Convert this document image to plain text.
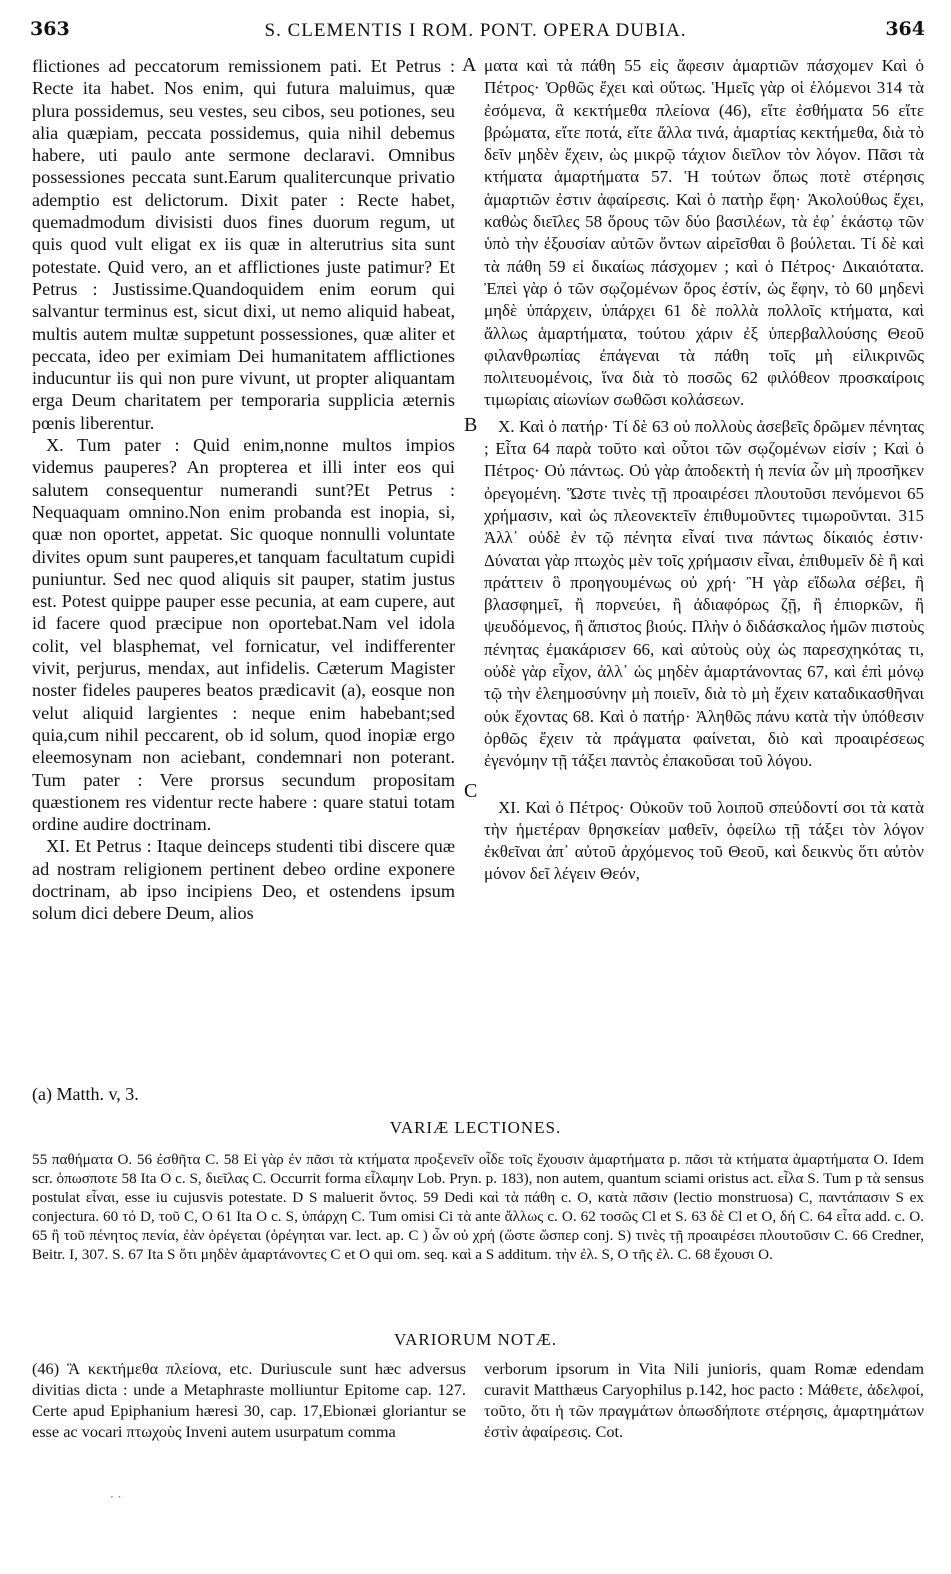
363	S. CLEMENTIS I ROM. PONT. OPERA DUBIA.	364

flictiones ad peccatorum remissionem pati. Et Petrus : Recte ita habet. Nos enim, qui futura maluimus, quæ plura possidemus, seu vestes, seu cibos, seu potiones, seu alia quæpiam, peccata possidemus, quia nihil debemus habere, uti paulo ante sermone declaravi. Omnibus possessiones peccata sunt.Earum qualitercunque privatio ademptio est delictorum. Dixit pater : Recte habet, quemadmodum divisisti duos fines duorum regum, ut quis quod vult eligat ex iis quæ in alterutrius sita sunt potestate. Quid vero, an et afflictiones juste patimur? Et Petrus : Justissime.Quandoquidem enim eorum qui salvantur terminus est, sicut dixi, ut nemo aliquid habeat, multis autem multæ suppetunt possessiones, quæ aliter et peccata, ideo per eximiam Dei humanitatem afflictiones inducuntur iis qui non pure vivunt, ut propter aliquantam erga Deum charitatem per temporaria supplicia æternis pœnis liberentur.

X. Tum pater : Quid enim,nonne multos impios videmus pauperes? An propterea et illi inter eos qui salutem consequentur numerandi sunt?Et Petrus : Nequaquam omnino.Non enim probanda est inopia, si, quæ non oportet, appetat. Sic quoque nonnulli voluntate divites opum sunt pauperes,et tanquam facultatum cupidi puniuntur. Sed nec quod aliquis sit pauper, statim justus est. Potest quippe pauper esse pecunia, at eam cupere, aut id facere quod præcipue non oportebat.Nam vel idola colit, vel blasphemat, vel fornicatur, vel indifferenter vivit, perjurus, mendax, aut infidelis. Cæterum Magister noster fideles pauperes beatos prædicavit (a), eosque non velut aliquid largientes : neque enim habebant;sed quia,cum nihil peccarent, ob id solum, quod inopiæ ergo eleemosynam non aciebant, condemnari non poterant. Tum pater : Vere prorsus secundum propositam quæstionem res videntur recte habere : quare statui totam ordine audire doctrinam.

XI. Et Petrus : Itaque deinceps studenti tibi discere quæ ad nostram religionem pertinent debeo ordine exponere doctrinam, ab ipso incipiens Deo, et ostendens ipsum solum dici debere Deum, alios

A
B
C

ματα καὶ τὰ πάθη 55 εἰς ἄφεσιν ἁμαρτιῶν πάσχομεν Καὶ ὁ Πέτρος· Ὀρθῶς ἔχει καὶ οὕτως. Ἡμεῖς γὰρ οἱ ἑλόμενοι 314 τὰ ἐσόμενα, ἃ κεκτήμεθα πλείονα (46), εἴτε ἐσθήματα 56 εἴτε βρώματα, εἴτε ποτά, εἴτε ἄλλα τινά, ἁμαρτίας κεκτήμεθα, διὰ τὸ δεῖν μηδὲν ἔχειν, ὡς μικρῷ τάχιον διεῖλον τὸν λόγον. Πᾶσι τὰ κτήματα ἁμαρτήματα 57. Ἡ τούτων ὅπως ποτὲ στέρησις ἁμαρτιῶν ἐστιν ἀφαίρεσις. Καὶ ὁ πατὴρ ἔφη· Ἀκολούθως ἔχει, καθὼς διεῖλες 58 ὅρους τῶν δύο βασιλέων, τὰ ἐφ᾽ ἑκάστῳ τῶν ὑπὸ τὴν ἐξουσίαν αὐτῶν ὄντων αἱρεῖσθαι ὃ βούλεται. Τί δὲ καὶ τὰ πάθη 59 εἰ δικαίως πάσχομεν ; καὶ ὁ Πέτρος· Δικαιότατα. Ἐπεὶ γὰρ ὁ τῶν σῳζομένων ὅρος ἐστίν, ὡς ἔφην, τὸ 60 μηδενὶ μηδὲ ὑπάρχειν, ὑπάρχει 61 δὲ πολλὰ πολλοῖς κτήματα, καὶ ἄλλως ἁμαρτήματα, τούτου χάριν ἐξ ὑπερβαλλούσης Θεοῦ φιλανθρωπίας ἐπάγεναι τὰ πάθη τοῖς μὴ εἰλικρινῶς πολιτευομένοις, ἵνα διὰ τὸ ποσῶς 62 φιλόθεον προσκαίροις τιμωρίαις αἰωνίων σωθῶσι κολάσεων.

X. Καὶ ὁ πατήρ· Τί δὲ 63 οὐ πολλοὺς ἀσεβεῖς δρῶμεν πένητας ; Εἶτα 64 παρὰ τοῦτο καὶ οὗτοι τῶν σῳζομένων εἰσίν ; Καὶ ὁ Πέτρος· Οὐ πάντως. Οὐ γὰρ ἀποδεκτὴ ἡ πενία ὧν μὴ προσῆκεν ὀρεγομένη. Ὥστε τινὲς τῇ προαιρέσει πλουτοῦσι πενόμενοι 65 χρήμασιν, καὶ ὡς πλεονεκτεῖν ἐπιθυμοῦντες τιμωροῦνται. 315 Ἀλλ᾽ οὐδὲ ἐν τῷ πένητα εἶναί τινα πάντως δίκαιός ἐστιν· Δύναται γὰρ πτωχὸς μὲν τοῖς χρήμασιν εἶναι, ἐπιθυμεῖν δὲ ἢ καὶ πράττειν ὃ προηγουμένως οὐ χρή· Ἢ γὰρ εἴδωλα σέβει, ἢ βλασφημεῖ, ἢ πορνεύει, ἢ ἀδιαφόρως ζῇ, ἢ ἐπιορκῶν, ἢ ψευδόμενος, ἢ ἄπιστος βιούς. Πλὴν ὁ διδάσκαλος ἡμῶν πιστοὺς πένητας ἐμακάρισεν 66, καὶ αὐτοὺς οὐχ ὡς παρεσχηκότας τι, οὐδὲ γὰρ εἶχον, ἀλλ᾽ ὡς μηδὲν ἁμαρτάνοντας 67, καὶ ἐπὶ μόνῳ τῷ τὴν ἐλεημοσύνην μὴ ποιεῖν, διὰ τὸ μὴ ἔχειν καταδικασθῆναι οὐκ ἔχοντας 68. Καὶ ὁ πατήρ· Ἀληθῶς πάνυ κατὰ τὴν ὑπόθεσιν ὀρθῶς ἔχειν τὰ πράγματα φαίνεται, διὸ καὶ προαιρέσεως ἐγενόμην τῇ τάξει παντὸς ἐπακοῦσαι τοῦ λόγου.

XI. Καὶ ὁ Πέτρος· Οὐκοῦν τοῦ λοιποῦ σπεύδοντί σοι τὰ κατὰ τὴν ἡμετέραν θρησκείαν μαθεῖν, ὀφείλω τῇ τάξει τὸν λόγον ἐκθεῖναι ἀπ᾽ αὐτοῦ ἀρχόμενος τοῦ Θεοῦ, καὶ δεικνὺς ὅτι αὐτὸν μόνον δεῖ λέγειν Θεόν,

(a) Matth. v, 3.
VARIÆ LECTIONES.
55 παθήματα O. 56 ἐσθῆτα C. 58 Εἰ γὰρ ἐν πᾶσι τὰ κτήματα προξενεῖν οἶδε τοῖς ἔχουσιν ἁμαρτήματα p. πᾶσι τὰ κτήματα ἁμαρτήματα O. Idem scr. ὁπωσποτε 58 Ita O c. S, διεῖλας C. Occurrit forma εἶλαμην Lob. Pryn. p. 183), non autem, quantum sciami oristus act. εἶλα S. Tum p τὰ sensus postulat εἶναι, esse iu cujusvis potestate. D S maluerit ὄντος. 59 Dedi καὶ τὰ πάθη c. O, κατὰ πᾶσιν (lectio monstruosa) C, παντάπασιν S ex conjectura. 60 τό D, τοῦ C, O 61 Ita O c. S, ὑπάρχη C. Tum omisi Ci τὰ ante ἄλλως c. O. 62 τοσῶς Cl et S. 63 δὲ Cl et O, δή C. 64 εἶτα add. c. O. 65 ἢ τοῦ πένητος πενία, ἐὰν ὀρέγεται (ὀρέγηται var. lect. ap. C ) ὧν οὐ χρή (ὥστε ὥσπερ conj. S) τινὲς τῇ προαιρέσει πλουτοῦσιν C. 66 Credner, Beitr. I, 307. S. 67 Ita S ὅτι μηδὲν ἁμαρτάνοντες C et O qui om. seq. καὶ a S additum. τὴν ἐλ. S, O τῆς ἐλ. C. 68 ἔχουσι O.
VARIORUM NOTÆ.
(46) Ἃ κεκτήμεθα πλείονα, etc. Duriuscule sunt hæc adversus divitias dicta : unde a Metaphraste molliuntur Epitome cap. 127. Certe apud Epiphanium hæresi 30, cap. 17,Ebionæi gloriantur se esse ac vocari πτωχοὺς Inveni autem usurpatum comma
verborum ipsorum in Vita Nili junioris, quam Romæ edendam curavit Matthæus Caryophilus p.142, hoc pacto : Μάθετε, ἀδελφοί, τοῦτο, ὅτι ἡ τῶν πραγμάτων ὁπωσδήποτε στέρησις, ἁμαρτημάτων ἐστὶν ἀφαίρεσις. Cot.
· ·
